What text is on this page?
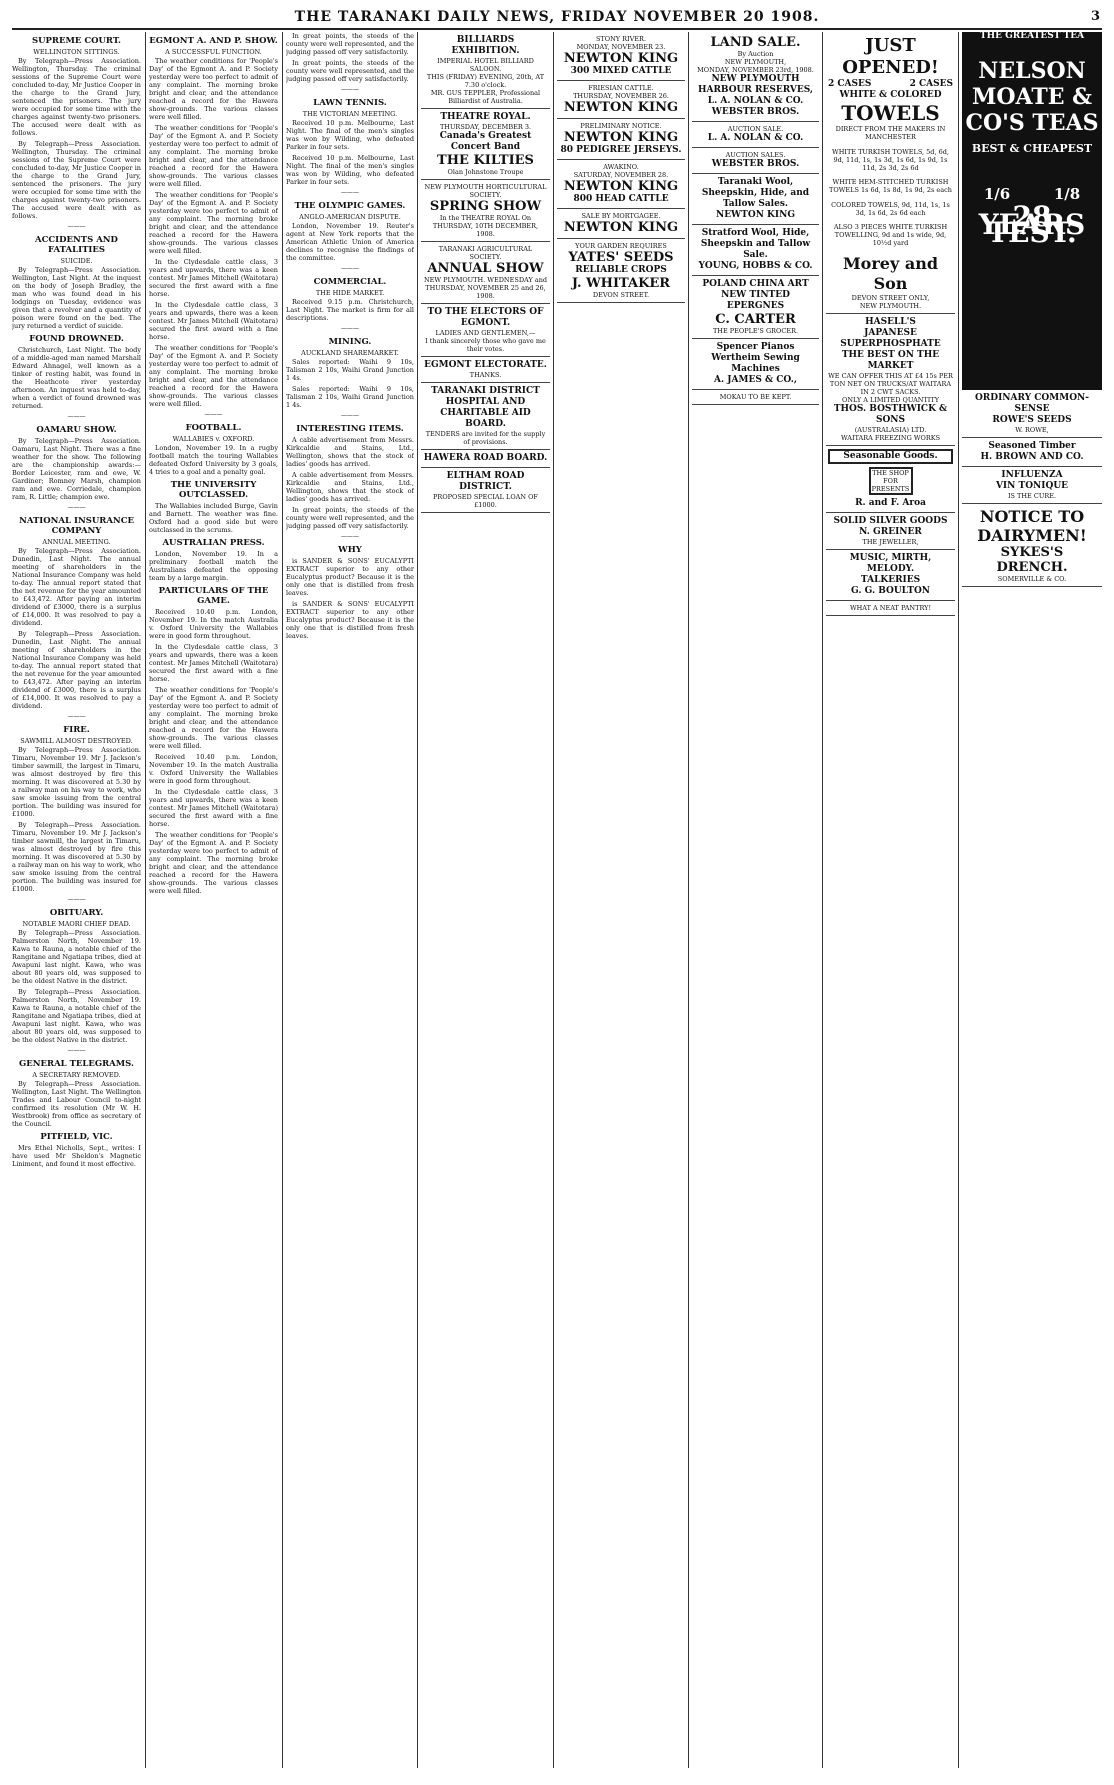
THE TARANAKI DAILY NEWS, FRIDAY NOVEMBER 20 1908.	3
SUPREME COURT.
WELLINGTON SITTINGS.

By Telegraph—Press Association. Wellington, Thursday. The criminal sessions of the Supreme Court were concluded to-day, Mr Justice Cooper in the charge to the Grand Jury, sentenced the prisoners. The jury were occupied for some time with the charges against twenty-two prisoners. The accused were dealt with as follows.

By Telegraph—Press Association. Wellington, Thursday. The criminal sessions of the Supreme Court were concluded to-day, Mr Justice Cooper in the charge to the Grand Jury, sentenced the prisoners. The jury were occupied for some time with the charges against twenty-two prisoners. The accused were dealt with as follows.

———
ACCIDENTS AND FATALITIES
SUICIDE.

By Telegraph—Press Association. Wellington, Last Night. At the inquest on the body of Joseph Bradley, the man who was found dead in his lodgings on Tuesday, evidence was given that a revolver and a quantity of poison were found on the bed. The jury returned a verdict of suicide.

FOUND DROWNED.

Christchurch, Last Night. The body of a middle-aged man named Marshall Edward Ahnagel, well known as a tinker of resting habit, was found in the Heathcote river yesterday afternoon. An inquest was held to-day, when a verdict of found drowned was returned.

———
OAMARU SHOW.

By Telegraph—Press Association. Oamaru, Last Night. There was a fine weather for the show. The following are the championship awards:—Border Leicester, ram and ewe, W. Gardiner; Romney Marsh, champion ram and ewe. Corriedale, champion ram, R. Little; champion ewe.

———
NATIONAL INSURANCE COMPANY
ANNUAL MEETING.

By Telegraph—Press Association. Dunedin, Last Night. The annual meeting of shareholders in the National Insurance Company was held to-day. The annual report stated that the net revenue for the year amounted to £43,472. After paying an interim dividend of £3000, there is a surplus of £14,000. It was resolved to pay a dividend.

By Telegraph—Press Association. Dunedin, Last Night. The annual meeting of shareholders in the National Insurance Company was held to-day. The annual report stated that the net revenue for the year amounted to £43,472. After paying an interim dividend of £3000, there is a surplus of £14,000. It was resolved to pay a dividend.

———
FIRE.
SAWMILL ALMOST DESTROYED.

By Telegraph—Press Association. Timaru, November 19. Mr J. Jackson's timber sawmill, the largest in Timaru, was almost destroyed by fire this morning. It was discovered at 5.30 by a railway man on his way to work, who saw smoke issuing from the central portion. The building was insured for £1000.

By Telegraph—Press Association. Timaru, November 19. Mr J. Jackson's timber sawmill, the largest in Timaru, was almost destroyed by fire this morning. It was discovered at 5.30 by a railway man on his way to work, who saw smoke issuing from the central portion. The building was insured for £1000.

———
OBITUARY.
NOTABLE MAORI CHIEF DEAD.

By Telegraph—Press Association. Palmerston North, November 19. Kawa te Rauna, a notable chief of the Rangitane and Ngatiapa tribes, died at Awapuni last night. Kawa, who was about 80 years old, was supposed to be the oldest Native in the district.

By Telegraph—Press Association. Palmerston North, November 19. Kawa te Rauna, a notable chief of the Rangitane and Ngatiapa tribes, died at Awapuni last night. Kawa, who was about 80 years old, was supposed to be the oldest Native in the district.

———
GENERAL TELEGRAMS.
A SECRETARY REMOVED.

By Telegraph—Press Association. Wellington, Last Night. The Wellington Trades and Labour Council to-night confirmed its resolution (Mr W. H. Westbrook) from office as secretary of the Council.

PITFIELD, VIC.

Mrs Ethel Nicholls, Sept., writes: I have used Mr Sheldon's Magnetic Liniment, and found it most effective.

EGMONT A. AND P. SHOW.
A SUCCESSFUL FUNCTION.

The weather conditions for 'People's Day' of the Egmont A. and P. Society yesterday were too perfect to admit of any complaint. The morning broke bright and clear, and the attendance reached a record for the Hawera show-grounds. The various classes were well filled.

The weather conditions for 'People's Day' of the Egmont A. and P. Society yesterday were too perfect to admit of any complaint. The morning broke bright and clear, and the attendance reached a record for the Hawera show-grounds. The various classes were well filled.

The weather conditions for 'People's Day' of the Egmont A. and P. Society yesterday were too perfect to admit of any complaint. The morning broke bright and clear, and the attendance reached a record for the Hawera show-grounds. The various classes were well filled.

In the Clydesdale cattle class, 3 years and upwards, there was a keen contest. Mr James Mitchell (Waitotara) secured the first award with a fine horse.

In the Clydesdale cattle class, 3 years and upwards, there was a keen contest. Mr James Mitchell (Waitotara) secured the first award with a fine horse.

The weather conditions for 'People's Day' of the Egmont A. and P. Society yesterday were too perfect to admit of any complaint. The morning broke bright and clear, and the attendance reached a record for the Hawera show-grounds. The various classes were well filled.

———
FOOTBALL.
WALLABIES v. OXFORD.

London, November 19. In a rugby football match the touring Wallabies defeated Oxford University by 3 goals, 4 tries to a goal and a penalty goal.

THE UNIVERSITY OUTCLASSED.

The Wallabies included Burge, Gavin and Barnett. The weather was fine. Oxford had a good side but were outclassed in the scrums.

AUSTRALIAN PRESS.

London, November 19. In a preliminary football match the Australians defeated the opposing team by a large margin.

PARTICULARS OF THE GAME.

Received 10.40 p.m. London, November 19. In the match Australia v. Oxford University the Wallabies were in good form throughout.

In the Clydesdale cattle class, 3 years and upwards, there was a keen contest. Mr James Mitchell (Waitotara) secured the first award with a fine horse.

The weather conditions for 'People's Day' of the Egmont A. and P. Society yesterday were too perfect to admit of any complaint. The morning broke bright and clear, and the attendance reached a record for the Hawera show-grounds. The various classes were well filled.

Received 10.40 p.m. London, November 19. In the match Australia v. Oxford University the Wallabies were in good form throughout.

In the Clydesdale cattle class, 3 years and upwards, there was a keen contest. Mr James Mitchell (Waitotara) secured the first award with a fine horse.

The weather conditions for 'People's Day' of the Egmont A. and P. Society yesterday were too perfect to admit of any complaint. The morning broke bright and clear, and the attendance reached a record for the Hawera show-grounds. The various classes were well filled.

In great points, the steeds of the county were well represented, and the judging passed off very satisfactorily.

In great points, the steeds of the county were well represented, and the judging passed off very satisfactorily.

———
LAWN TENNIS.
THE VICTORIAN MEETING.

Received 10 p.m. Melbourne, Last Night. The final of the men's singles was won by Wilding, who defeated Parker in four sets.

Received 10 p.m. Melbourne, Last Night. The final of the men's singles was won by Wilding, who defeated Parker in four sets.

———
THE OLYMPIC GAMES.
ANGLO-AMERICAN DISPUTE.

London, November 19. Reuter's agent at New York reports that the American Athletic Union of America declines to recognise the findings of the committee.

———
COMMERCIAL.
THE HIDE MARKET.

Received 9.15 p.m. Christchurch, Last Night. The market is firm for all descriptions.

———
MINING.
AUCKLAND SHAREMARKET.

Sales reported: Waihi 9 10s, Talisman 2 10s, Waihi Grand Junction 1 4s.

Sales reported: Waihi 9 10s, Talisman 2 10s, Waihi Grand Junction 1 4s.

———
INTERESTING ITEMS.

A cable advertisement from Messrs. Kirkcaldie and Stains, Ltd., Wellington, shows that the stock of ladies' goods has arrived.

A cable advertisement from Messrs. Kirkcaldie and Stains, Ltd., Wellington, shows that the stock of ladies' goods has arrived.

In great points, the steeds of the county were well represented, and the judging passed off very satisfactorily.

———
WHY

is SANDER & SONS' EUCALYPTI EXTRACT superior to any other Eucalyptus product? Because it is the only one that is distilled from fresh leaves.

is SANDER & SONS' EUCALYPTI EXTRACT superior to any other Eucalyptus product? Because it is the only one that is distilled from fresh leaves.

BILLIARDS EXHIBITION.
IMPERIAL HOTEL BILLIARD SALOON.
THIS (FRIDAY) EVENING, 20th, AT 7.30 o'clock.
MR. GUS TEPPLER, Professional Billiardist of Australia.
THEATRE ROYAL.
THURSDAY, DECEMBER 3.
Canada's Greatest Concert Band
THE KILTIES
Olan Johnstone Troupe
NEW PLYMOUTH HORTICULTURAL SOCIETY.
SPRING SHOW
In the THEATRE ROYAL On THURSDAY, 10TH DECEMBER, 1908.
TARANAKI AGRICULTURAL SOCIETY.
ANNUAL SHOW
NEW PLYMOUTH. WEDNESDAY and THURSDAY, NOVEMBER 25 and 26, 1908.
TO THE ELECTORS OF EGMONT.
LADIES AND GENTLEMEN,—
I thank sincerely those who gave me their votes.
EGMONT ELECTORATE.
THANKS.
TARANAKI DISTRICT HOSPITAL AND CHARITABLE AID BOARD.
TENDERS are invited for the supply of provisions.
HAWERA ROAD BOARD.
ELTHAM ROAD DISTRICT.
PROPOSED SPECIAL LOAN OF £1000.
STONY RIVER.
MONDAY, NOVEMBER 23.
NEWTON KING
300 MIXED CATTLE
FRIESIAN CATTLE.
THURSDAY, NOVEMBER 26.
NEWTON KING
PRELIMINARY NOTICE.
NEWTON KING
80 PEDIGREE JERSEYS.
AWAKINO.
SATURDAY, NOVEMBER 28.
NEWTON KING
800 HEAD CATTLE
SALE BY MORTGAGEE.
NEWTON KING
YOUR GARDEN REQUIRES
YATES' SEEDS
RELIABLE CROPS
J. WHITAKER
DEVON STREET.
LAND SALE.
By Auction
NEW PLYMOUTH,
MONDAY, NOVEMBER 23rd, 1908.
NEW PLYMOUTH HARBOUR RESERVES,
L. A. NOLAN & CO.
WEBSTER BROS.
AUCTION SALE.
L. A. NOLAN & CO.
AUCTION SALES.
WEBSTER BROS.
Taranaki Wool, Sheepskin, Hide, and Tallow Sales.
NEWTON KING
Stratford Wool, Hide, Sheepskin and Tallow Sale.
YOUNG, HOBBS & CO.
POLAND CHINA ART
NEW TINTED EPERGNES
C. CARTER
THE PEOPLE'S GROCER.
Spencer Pianos
Wertheim Sewing Machines
A. JAMES & CO.,
MOKAU TO BE KEPT.
JUST OPENED!
2 CASES	2 CASES
WHITE & COLORED
TOWELS
DIRECT FROM THE MAKERS IN MANCHESTER

WHITE TURKISH TOWELS, 5d, 6d, 9d, 11d, 1s, 1s 3d, 1s 6d, 1s 9d, 1s 11d, 2s 3d, 2s 6d

WHITE HEM-STITCHED TURKISH TOWELS 1s 6d, 1s 8d, 1s 9d, 2s each

COLORED TOWELS, 9d, 11d, 1s, 1s 3d, 1s 6d, 2s 6d each

ALSO 3 PIECES WHITE TURKISH TOWELLING, 9d and 1s wide, 9d, 10½d yard

Morey and Son
DEVON STREET ONLY,
NEW PLYMOUTH.
HASELL'S
JAPANESE SUPERPHOSPHATE
THE BEST ON THE MARKET
WE CAN OFFER THIS AT £4 15s PER TON NET ON TRUCKS/AT WAITARA IN 2 CWT SACKS.
ONLY A LIMITED QUANTITY
THOS. BOSTHWICK & SONS
(AUSTRALASIA) LTD.
WAITARA FREEZING WORKS
Seasonable Goods.
THE SHOP FOR PRESENTS
R. and F. Aroa
SOLID SILVER GOODS
N. GREINER
THE JEWELLER,
MUSIC, MIRTH, MELODY.
TALKERIES
G. G. BOULTON
WHAT A NEAT PANTRY!
THE GREATEST TEA
NELSON MOATE & CO'S TEAS
BEST & CHEAPEST
1/6	1/8
28 YEARS TEST.
ORDINARY COMMON-SENSE
ROWE'S SEEDS
W. ROWE,
Seasoned Timber
H. BROWN AND CO.
INFLUENZA
VIN TONIQUE
IS THE CURE.
NOTICE TO DAIRYMEN!
SYKES'S DRENCH.
SOMERVILLE & CO.
